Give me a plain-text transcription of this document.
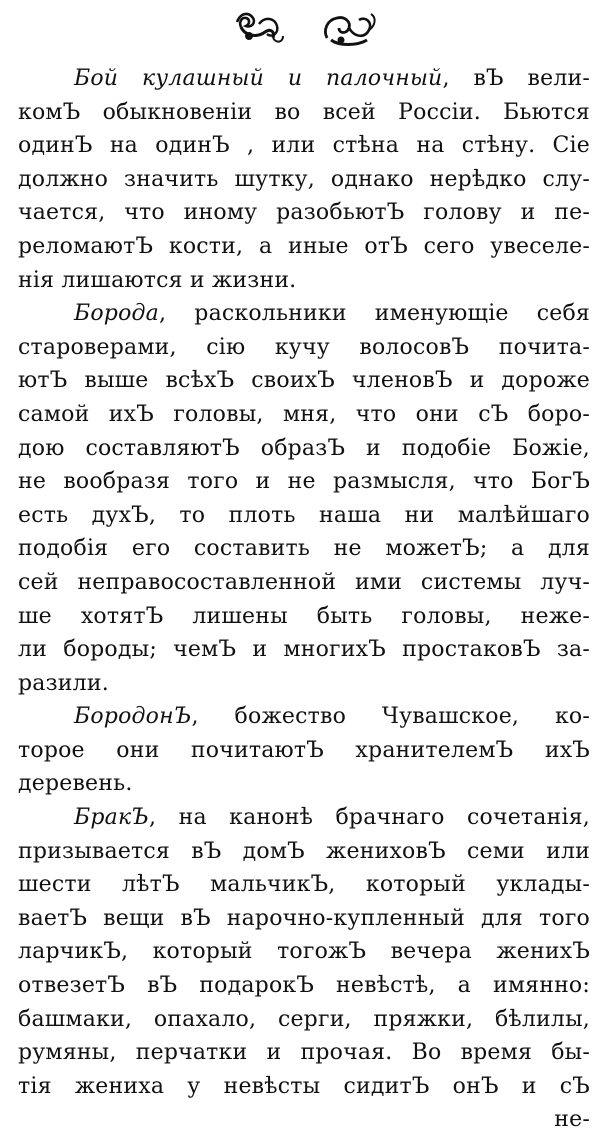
Бой кулашный и палочный, вЪ вели-
комЪ обыкновеніи во всей Россіи. Бьются
одинЪ на одинЪ , или стѣна на стѣну. Сіе
должно значить шутку, однако нерѣдко слу-
чается, что иному разобьютЪ голову и пе-
реломаютЪ кости, а иные отЪ сего увеселе-
нія лишаются и жизни.
Борода, раскольники именующіе себя
староверами, сію кучу волосовЪ почита-
ютЪ выше всѣхЪ своихЪ членовЪ и дороже
самой ихЪ головы, мня, что они сЪ боро-
дою составляютЪ образЪ и подобіе Божіе,
не вообразя того и не размысля, что БогЪ
есть духЪ, то плоть наша ни малѣйшаго
подобія его составить не можетЪ; а для
сей неправосоставленной ими системы луч-
ше хотятЪ лишены быть головы, неже-
ли бороды; чемЪ и многихЪ простаковЪ за-
разили.
БородонЪ, божество Чувашское, ко-
торое они почитаютЪ хранителемЪ ихЪ
деревень.
БракЪ, на канонѣ брачнаго сочетанія,
призывается вЪ домЪ жениховЪ семи или
шести лѣтЪ мальчикЪ, который уклады-
ваетЪ вещи вЪ нарочно-купленный для того
ларчикЪ, который тогожЪ вечера женихЪ
отвезетЪ вЪ подарокЪ невѣстѣ, а имянно:
башмаки, опахало, серги, пряжки, бѣлилы,
румяны, перчатки и прочая. Во время бы-
тія жениха у невѣсты сидитЪ онЪ и сЪ
не-
